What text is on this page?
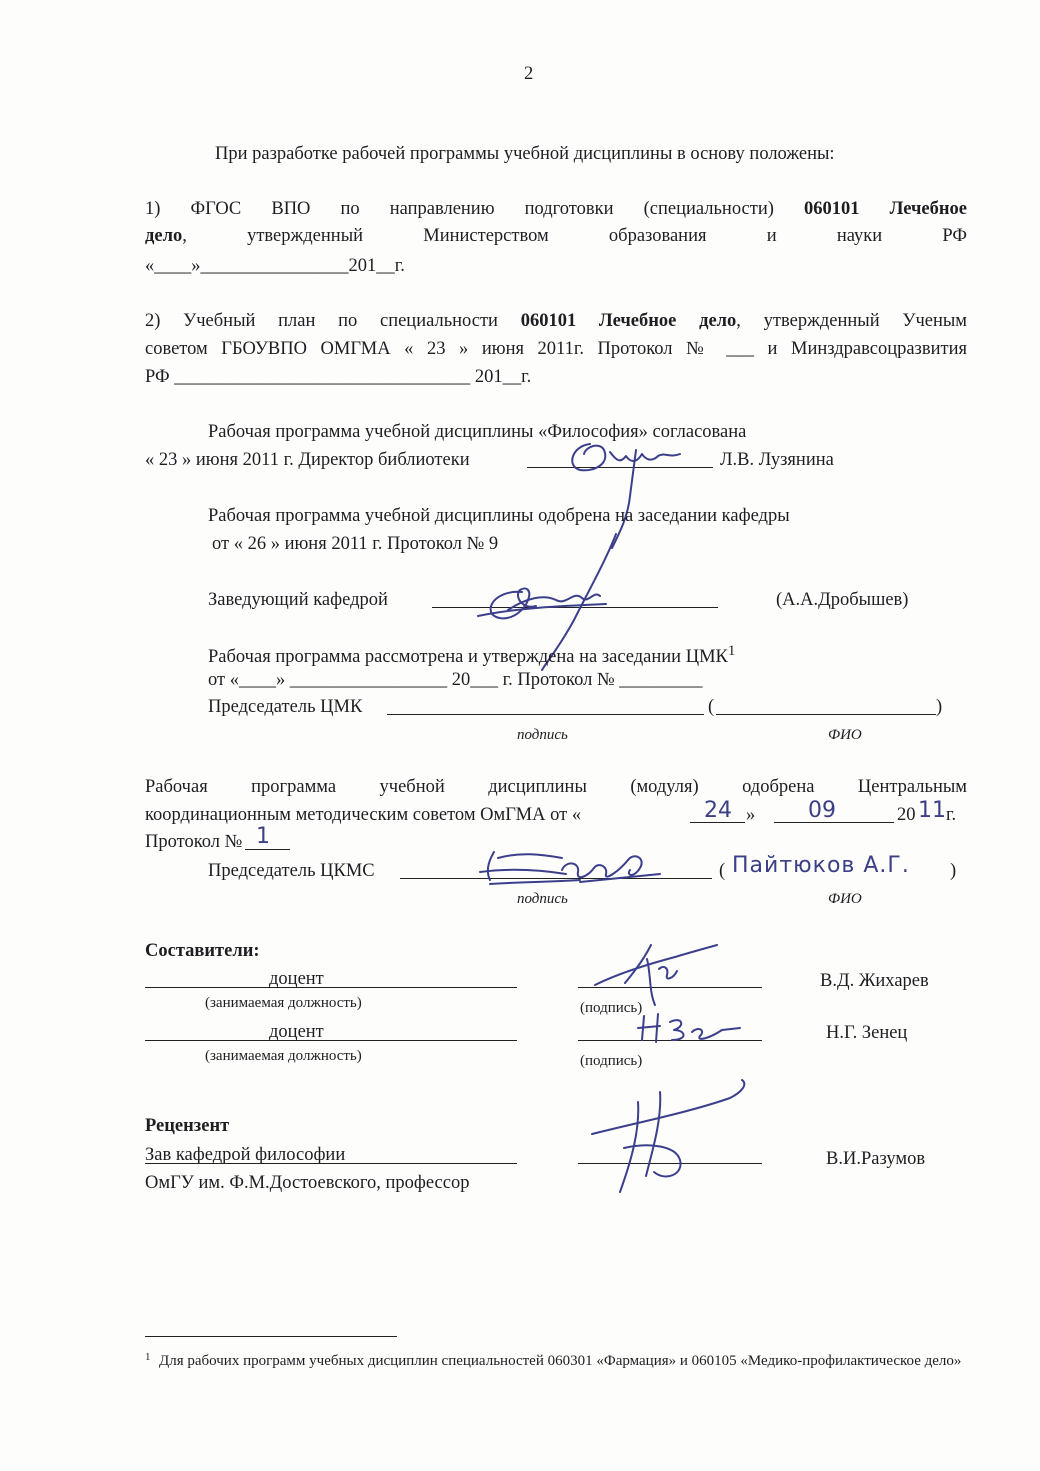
2
При разработке рабочей программы учебной дисциплины в основу положены:
1) ФГОС ВПО по направлению подготовки (специальности) 060101 Лечебное
дело, утвержденный Министерством образования и науки РФ
«____»________________201__г.
2) Учебный план по специальности 060101 Лечебное дело, утвержденный Ученым
советом ГБОУВПО ОМГМА « 23 » июня 2011г. Протокол № ___ и Минздравсоцразвития
РФ ________________________________ 201__г.
Рабочая программа учебной дисциплины «Философия» согласована
« 23 » июня 2011 г. Директор библиотеки	Л.В. Лузянина
Рабочая программа учебной дисциплины одобрена на заседании кафедры
от « 26 » июня 2011 г. Протокол № 9
Заведующий кафедрой	(А.А.Дробышев)
Рабочая программа рассмотрена и утверждена на заседании ЦМК$^1$
от «____» _________________ 20___ г. Протокол № _________
Председатель ЦМК	(	)
подпись	ФИО
Рабочая программа учебной дисциплины (модуля) одобрена Центральным
координационным методическим советом ОмГМА от «	24 » 09	20 11 г.
Протокол № 1
Председатель ЦКМС	( Пайтюков А.Г. )
подпись	ФИО
Составители:
доцент	В.Д. Жихарев
(занимаемая должность)	(подпись)
доцент	Н.Г. Зенец
(занимаемая должность)	(подпись)
Рецензент
Зав кафедрой философии	В.И.Разумов
ОмГУ им. Ф.М.Достоевского, профессор
1 Для рабочих программ учебных дисциплин специальностей 060301 «Фармация» и 060105 «Медико-профилактическое дело»
